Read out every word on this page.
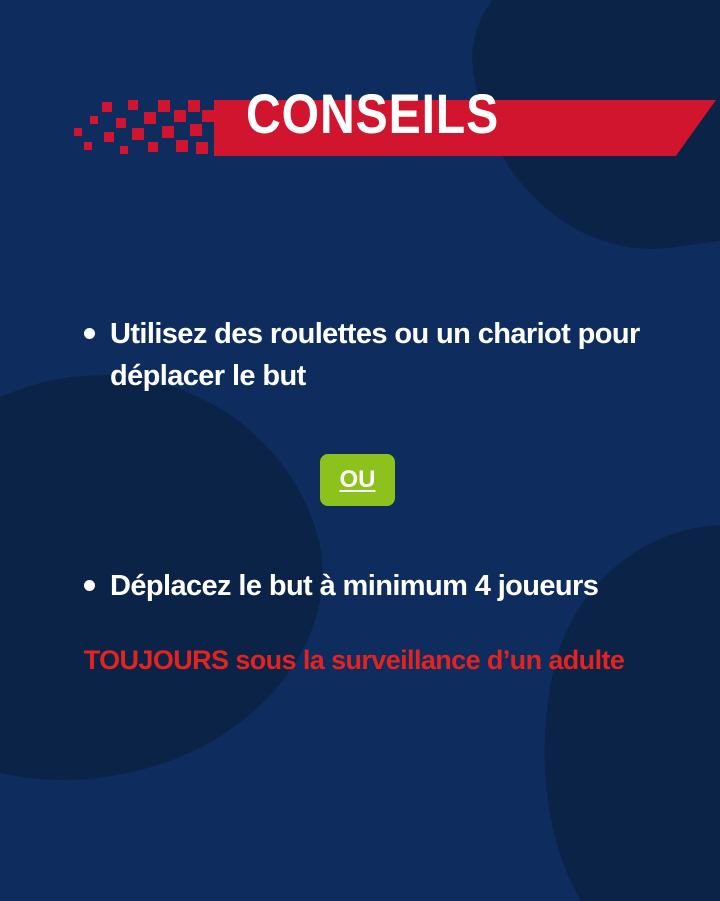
CONSEILS
Utilisez des roulettes ou un chariot pour déplacer le but
OU
Déplacez le but à minimum 4 joueurs
TOUJOURS sous la surveillance d’un adulte
